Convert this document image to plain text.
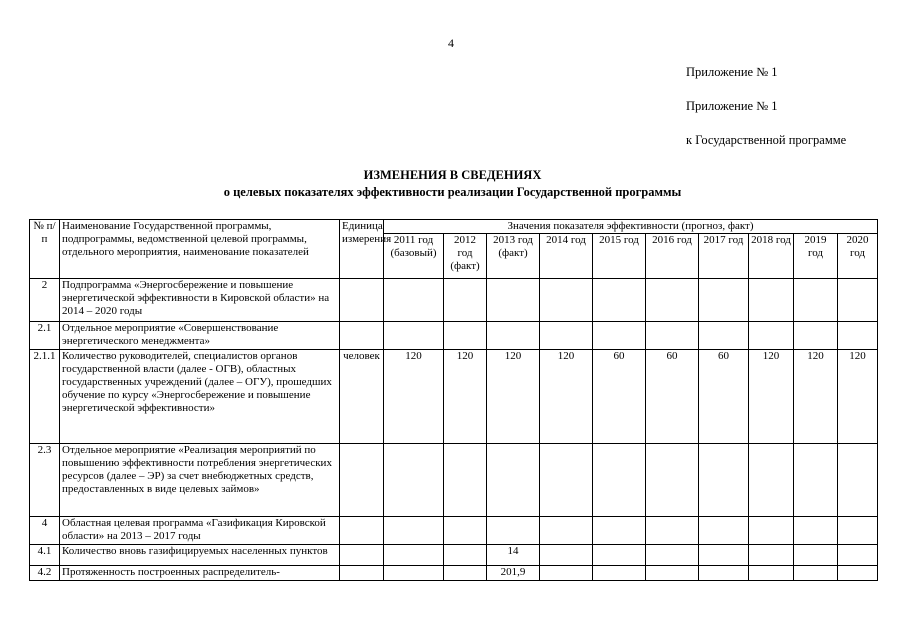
4
Приложение № 1
Приложение № 1
к Государственной программе
ИЗМЕНЕНИЯ В СВЕДЕНИЯХ
о целевых показателях эффективности реализации Государственной программы
№ п/п	Наименование Государственной программы, подпрограммы, ведомственной целевой программы, отдельного мероприятия, наименование показателей	Единица измерения	Значения показателя эффективности (прогноз, факт)									
			2011 год (базовый)	2012 год (факт)	2013 год (факт)	2014 год	2015 год	2016 год	2017 год	2018 год	2019 год	2020 год
2	Подпрограмма «Энергосбережение и повышение энергетической эффективности в Кировской области» на 2014 – 2020 годы											
2.1	Отдельное мероприятие «Совершенствование энергетического менеджмента»											
2.1.1	Количество руководителей, специалистов органов государственной власти (далее - ОГВ), областных государственных учреждений (далее – ОГУ), прошедших обучение по курсу «Энергосбережение и повышение энергетической эффективности»	человек	120	120	120	120	60	60	60	120	120	120
2.3	Отдельное мероприятие «Реализация мероприятий по повышению эффективности потребления энергетических ресурсов (далее – ЭР) за счет внебюджетных средств, предоставленных в виде целевых займов»											
4	Областная целевая программа «Газификация Кировской области» на 2013 – 2017 годы											
4.1	Количество вновь газифицируемых населенных пунктов				14							
4.2	Протяженность построенных распределитель-				201,9							
